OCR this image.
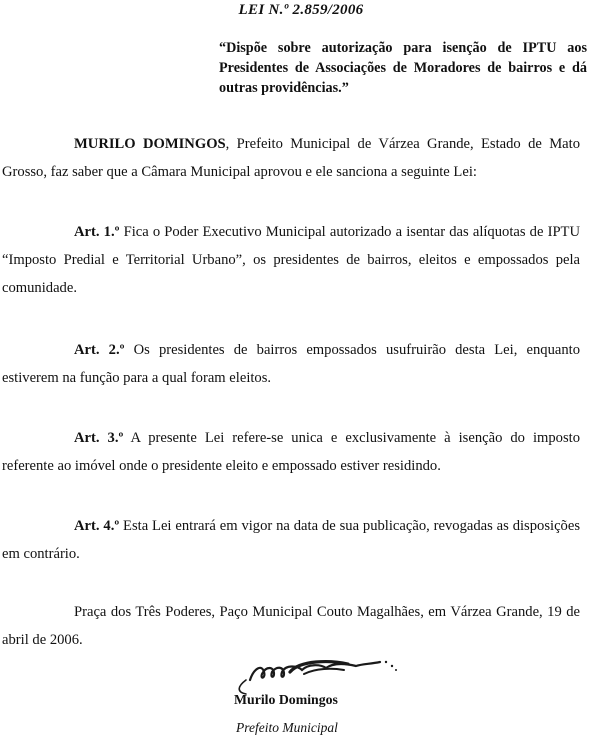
LEI N.º 2.859/2006
“Dispõe sobre autorização para isenção de IPTU aos Presidentes de Associações de Moradores de bairros e dá outras providências.”

MURILO DOMINGOS, Prefeito Municipal de Várzea Grande, Estado de Mato Grosso, faz saber que a Câmara Municipal aprovou e ele sanciona a seguinte Lei:

Art. 1.º Fica o Poder Executivo Municipal autorizado a isentar das alíquotas de IPTU “Imposto Predial e Territorial Urbano”, os presidentes de bairros, eleitos e empossados pela comunidade.

Art. 2.º Os presidentes de bairros empossados usufruirão desta Lei, enquanto estiverem na função para a qual foram eleitos.

Art. 3.º A presente Lei refere-se unica e exclusivamente à isenção do imposto referente ao imóvel onde o presidente eleito e empossado estiver residindo.

Art. 4.º Esta Lei entrará em vigor na data de sua publicação, revogadas as disposições em contrário.

Praça dos Três Poderes, Paço Municipal Couto Magalhães, em Várzea Grande, 19 de abril de 2006.

Murilo Domingos
Prefeito Municipal
